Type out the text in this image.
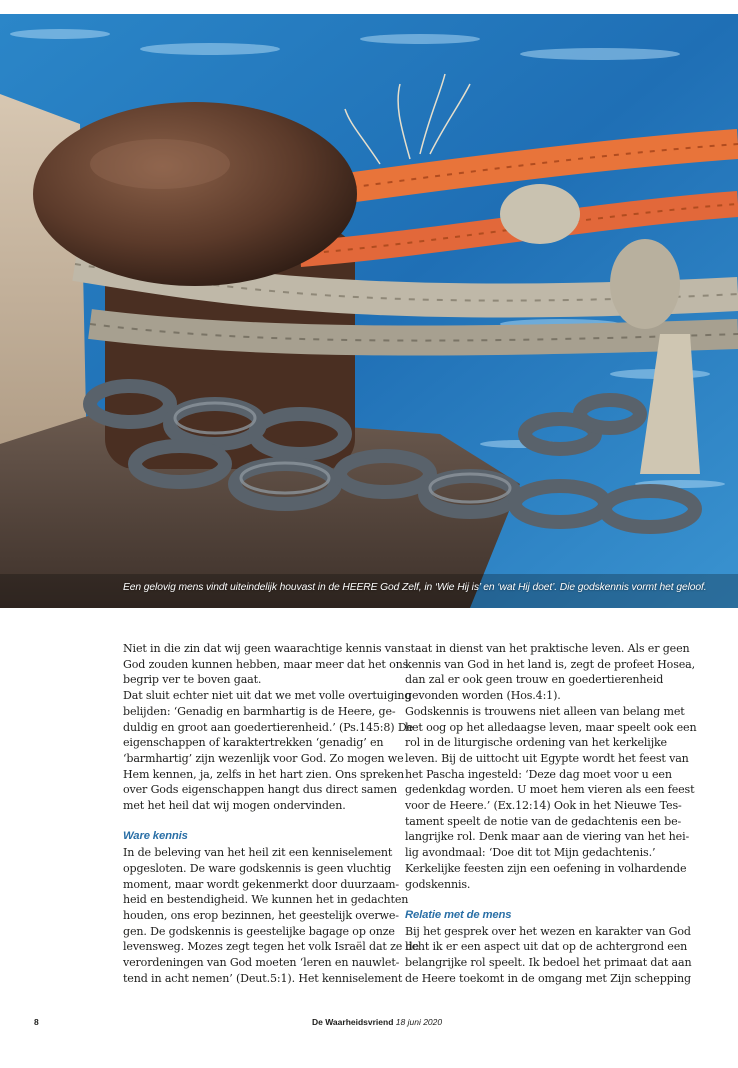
Een gelovig mens vindt uiteindelijk houvast in de HEERE God Zelf, in ‘Wie Hij is’ en ‘wat Hij doet’. Die godskennis vormt het geloof.

Niet in die zin dat wij geen waarachtige kennis van
God zouden kunnen hebben, maar meer dat het ons
begrip ver te boven gaat.

Dat sluit echter niet uit dat we met volle overtuiging
belijden: ‘Genadig en barmhartig is de Heere, ge-
duldig en groot aan goedertierenheid.’ (Ps.145:8) De
eigenschappen of karaktertrekken ‘genadig’ en
‘barmhartig’ zijn wezenlijk voor God. Zo mogen we
Hem kennen, ja, zelfs in het hart zien. Ons spreken
over Gods eigenschappen hangt dus direct samen
met het heil dat wij mogen ondervinden.

Ware kennis

In de beleving van het heil zit een kenniselement
opgesloten. De ware godskennis is geen vluchtig
moment, maar wordt gekenmerkt door duurzaam-
heid en bestendigheid. We kunnen het in gedachten
houden, ons erop bezinnen, het geestelijk overwe-
gen. De godskennis is geestelijke bagage op onze
levensweg. Mozes zegt tegen het volk Israël dat ze de
verordeningen van God moeten ‘leren en nauwlet-
tend in acht nemen’ (Deut.5:1). Het kenniselement

staat in dienst van het praktische leven. Als er geen
kennis van God in het land is, zegt de profeet Hosea,
dan zal er ook geen trouw en goedertierenheid
gevonden worden (Hos.4:1).

Godskennis is trouwens niet alleen van belang met
het oog op het alledaagse leven, maar speelt ook een
rol in de liturgische ordening van het kerkelijke
leven. Bij de uittocht uit Egypte wordt het feest van
het Pascha ingesteld: ‘Deze dag moet voor u een
gedenkdag worden. U moet hem vieren als een feest
voor de Heere.’ (Ex.12:14) Ook in het Nieuwe Tes-
tament speelt de notie van de gedachtenis een be-
langrijke rol. Denk maar aan de viering van het hei-
lig avondmaal: ‘Doe dit tot Mijn gedachtenis.’
Kerkelijke feesten zijn een oefening in volhardende
godskennis.

Relatie met de mens

Bij het gesprek over het wezen en karakter van God
licht ik er een aspect uit dat op de achtergrond een
belangrijke rol speelt. Ik bedoel het primaat dat aan
de Heere toekomt in de omgang met Zijn schepping

8	De Waarheidsvriend 18 juni 2020
